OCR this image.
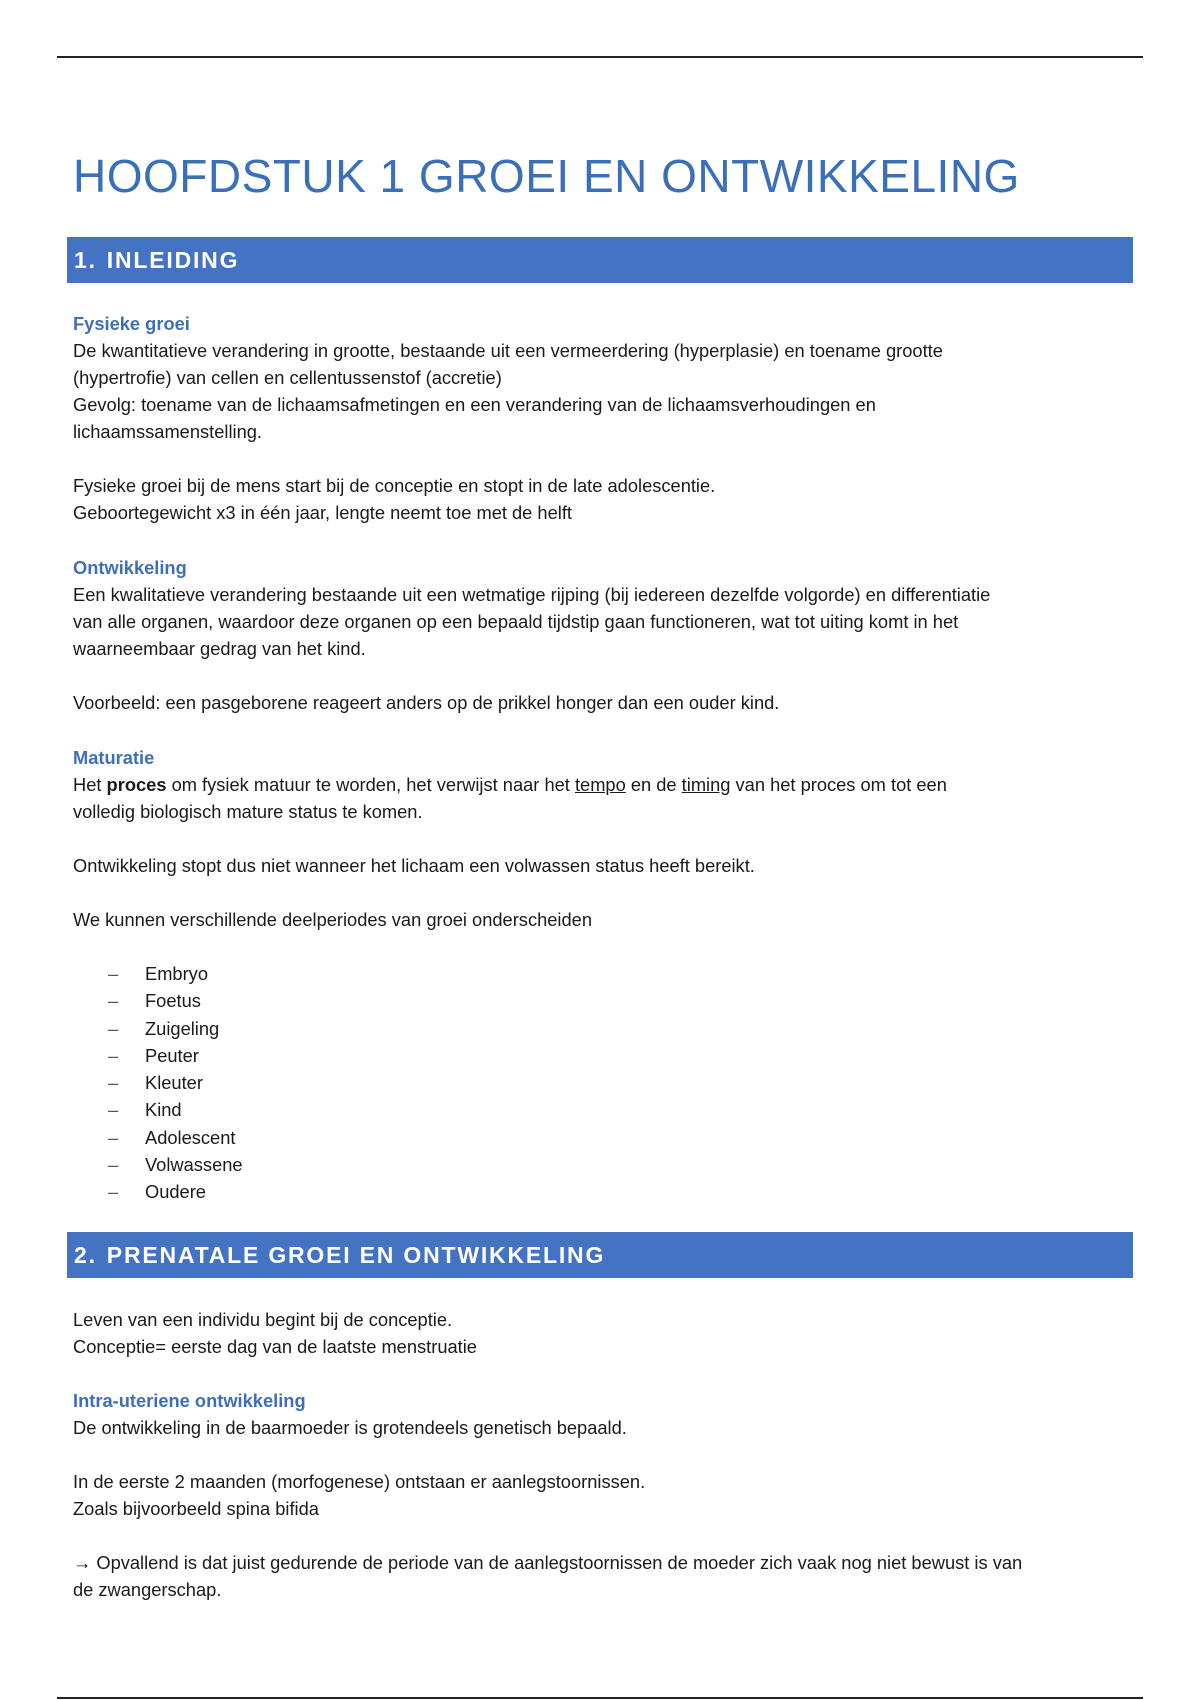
HOOFDSTUK 1 GROEI EN ONTWIKKELING
1. INLEIDING
Fysieke groei
De kwantitatieve verandering in grootte, bestaande uit een vermeerdering (hyperplasie) en toename grootte
(hypertrofie) van cellen en cellentussenstof (accretie)
Gevolg: toename van de lichaamsafmetingen en een verandering van de lichaamsverhoudingen en
lichaamssamenstelling.
Fysieke groei bij de mens start bij de conceptie en stopt in de late adolescentie.
Geboortegewicht x3 in één jaar, lengte neemt toe met de helft
Ontwikkeling
Een kwalitatieve verandering bestaande uit een wetmatige rijping (bij iedereen dezelfde volgorde) en differentiatie
van alle organen, waardoor deze organen op een bepaald tijdstip gaan functioneren, wat tot uiting komt in het
waarneembaar gedrag van het kind.
Voorbeeld: een pasgeborene reageert anders op de prikkel honger dan een ouder kind.
Maturatie
Het proces om fysiek matuur te worden, het verwijst naar het tempo en de timing van het proces om tot een
volledig biologisch mature status te komen.
Ontwikkeling stopt dus niet wanneer het lichaam een volwassen status heeft bereikt.
We kunnen verschillende deelperiodes van groei onderscheiden
– Embryo
– Foetus
– Zuigeling
– Peuter
– Kleuter
– Kind
– Adolescent
– Volwassene
– Oudere
2. PRENATALE GROEI EN ONTWIKKELING
Leven van een individu begint bij de conceptie.
Conceptie= eerste dag van de laatste menstruatie
Intra-uteriene ontwikkeling
De ontwikkeling in de baarmoeder is grotendeels genetisch bepaald.
In de eerste 2 maanden (morfogenese) ontstaan er aanlegstoornissen.
Zoals bijvoorbeeld spina bifida
→ Opvallend is dat juist gedurende de periode van de aanlegstoornissen de moeder zich vaak nog niet bewust is van
de zwangerschap.
